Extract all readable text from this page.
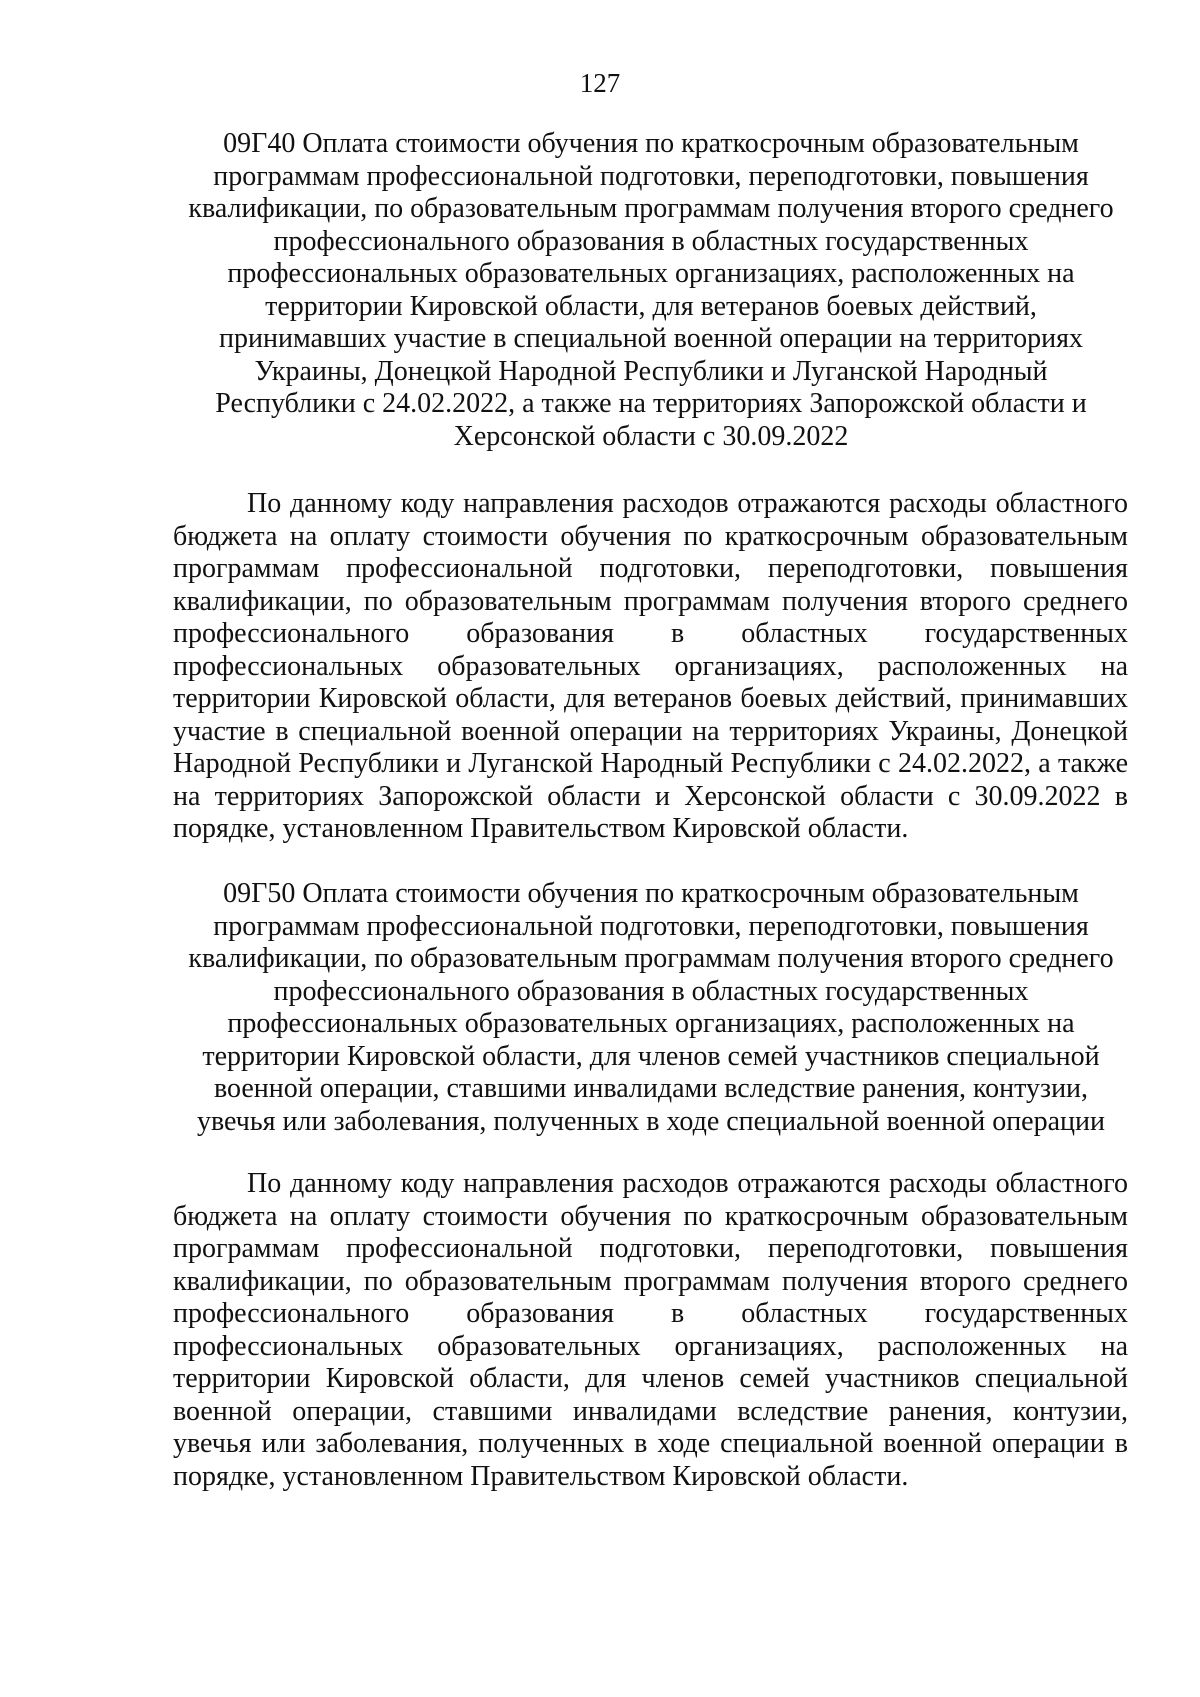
127
09Г40 Оплата стоимости обучения по краткосрочным образовательным
программам профессиональной подготовки, переподготовки, повышения
квалификации, по образовательным программам получения второго среднего
профессионального образования в областных государственных
профессиональных образовательных организациях, расположенных на
территории Кировской области, для ветеранов боевых действий,
принимавших участие в специальной военной операции на территориях
Украины, Донецкой Народной Республики и Луганской Народный
Республики с 24.02.2022, а также на территориях Запорожской области и
Херсонской области с 30.09.2022
По данному коду направления расходов отражаются расходы областного
бюджета на оплату стоимости обучения по краткосрочным образовательным
программам профессиональной подготовки, переподготовки, повышения
квалификации, по образовательным программам получения второго среднего
профессионального образования в областных государственных
профессиональных образовательных организациях, расположенных на
территории Кировской области, для ветеранов боевых действий, принимавших
участие в специальной военной операции на территориях Украины, Донецкой
Народной Республики и Луганской Народный Республики с 24.02.2022, а также
на территориях Запорожской области и Херсонской области с 30.09.2022 в
порядке, установленном Правительством Кировской области.
09Г50 Оплата стоимости обучения по краткосрочным образовательным
программам профессиональной подготовки, переподготовки, повышения
квалификации, по образовательным программам получения второго среднего
профессионального образования в областных государственных
профессиональных образовательных организациях, расположенных на
территории Кировской области, для членов семей участников специальной
военной операции, ставшими инвалидами вследствие ранения, контузии,
увечья или заболевания, полученных в ходе специальной военной операции
По данному коду направления расходов отражаются расходы областного
бюджета на оплату стоимости обучения по краткосрочным образовательным
программам профессиональной подготовки, переподготовки, повышения
квалификации, по образовательным программам получения второго среднего
профессионального образования в областных государственных
профессиональных образовательных организациях, расположенных на
территории Кировской области, для членов семей участников специальной
военной операции, ставшими инвалидами вследствие ранения, контузии,
увечья или заболевания, полученных в ходе специальной военной операции в
порядке, установленном Правительством Кировской области.
